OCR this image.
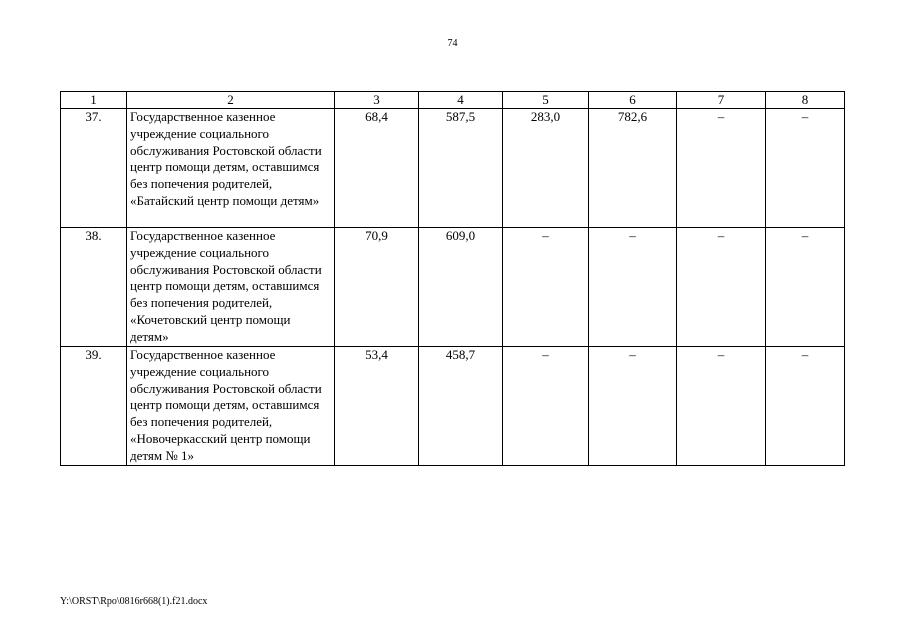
74
1	2	3	4	5	6	7	8
37.	Государственное казенное учреждение социального обслуживания Ростовской области центр помощи детям, оставшимся без попечения родителей, «Батайский центр помощи детям»	68,4	587,5	283,0	782,6	–	–
38.	Государственное казенное учреждение социального обслуживания Ростовской области центр помощи детям, оставшимся без попечения родителей, «Кочетовский центр помощи детям»	70,9	609,0	–	–	–	–
39.	Государственное казенное учреждение социального обслуживания Ростовской области центр помощи детям, оставшимся без попечения родителей, «Новочеркасский центр помощи детям № 1»	53,4	458,7	–	–	–	–
Y:\ORST\Rpo\0816r668(1).f21.docx
